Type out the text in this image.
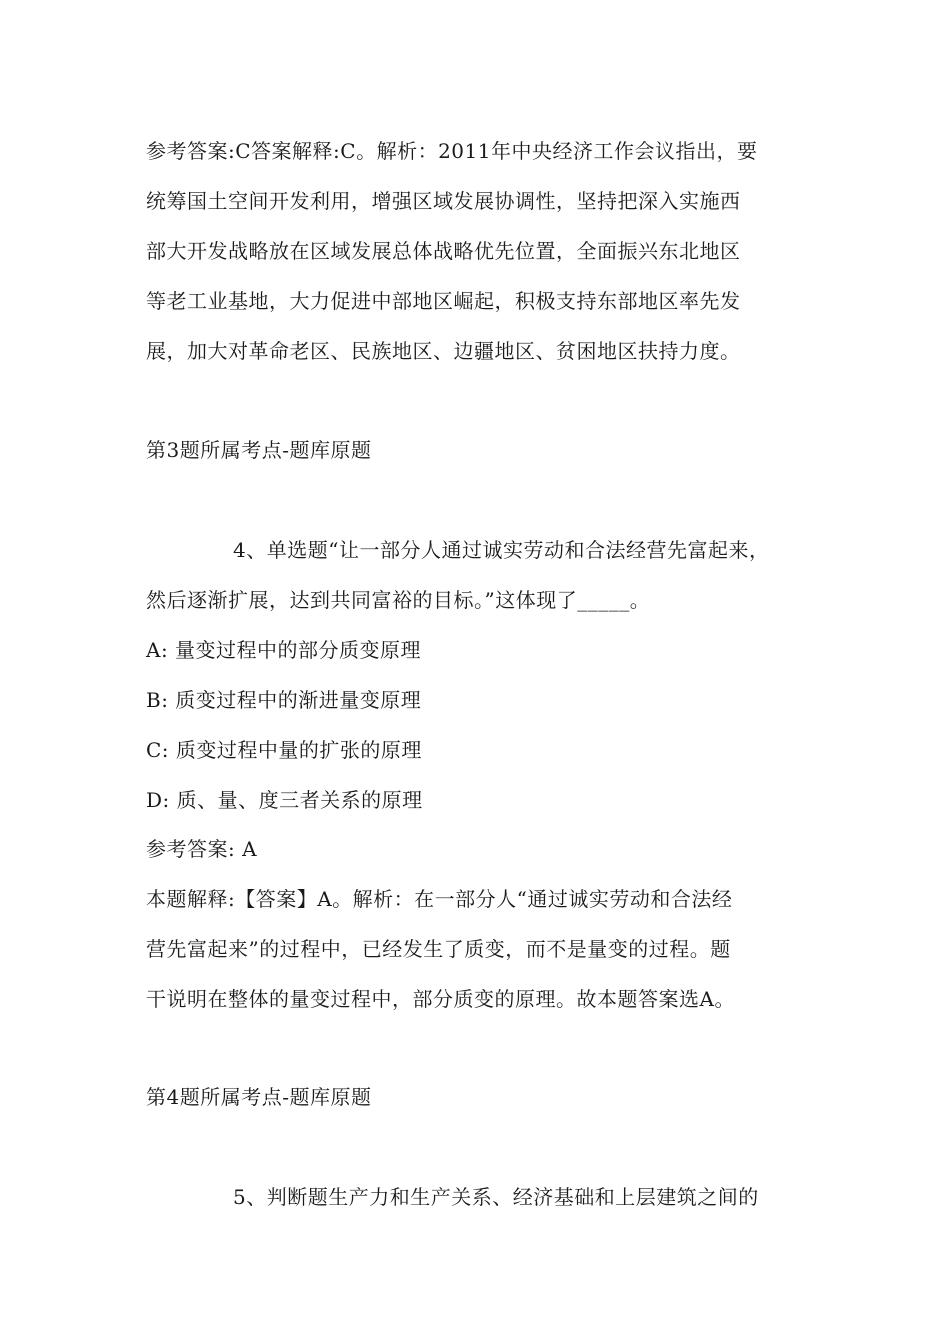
参考答案:C答案解释:C。解析：2011年中央经济工作会议指出，要
统筹国土空间开发利用，增强区域发展协调性，坚持把深入实施西
部大开发战略放在区域发展总体战略优先位置，全面振兴东北地区
等老工业基地，大力促进中部地区崛起，积极支持东部地区率先发
展，加大对革命老区、民族地区、边疆地区、贫困地区扶持力度。
第3题所属考点-题库原题
4、单选题“让一部分人通过诚实劳动和合法经营先富起来，
然后逐渐扩展，达到共同富裕的目标。”这体现了_____。
A: 量变过程中的部分质变原理
B: 质变过程中的渐进量变原理
C: 质变过程中量的扩张的原理
D: 质、量、度三者关系的原理
参考答案: A
本题解释:【答案】A。解析：在一部分人“通过诚实劳动和合法经
营先富起来”的过程中，已经发生了质变，而不是量变的过程。题
干说明在整体的量变过程中，部分质变的原理。故本题答案选A。
第4题所属考点-题库原题
5、判断题生产力和生产关系、经济基础和上层建筑之间的
